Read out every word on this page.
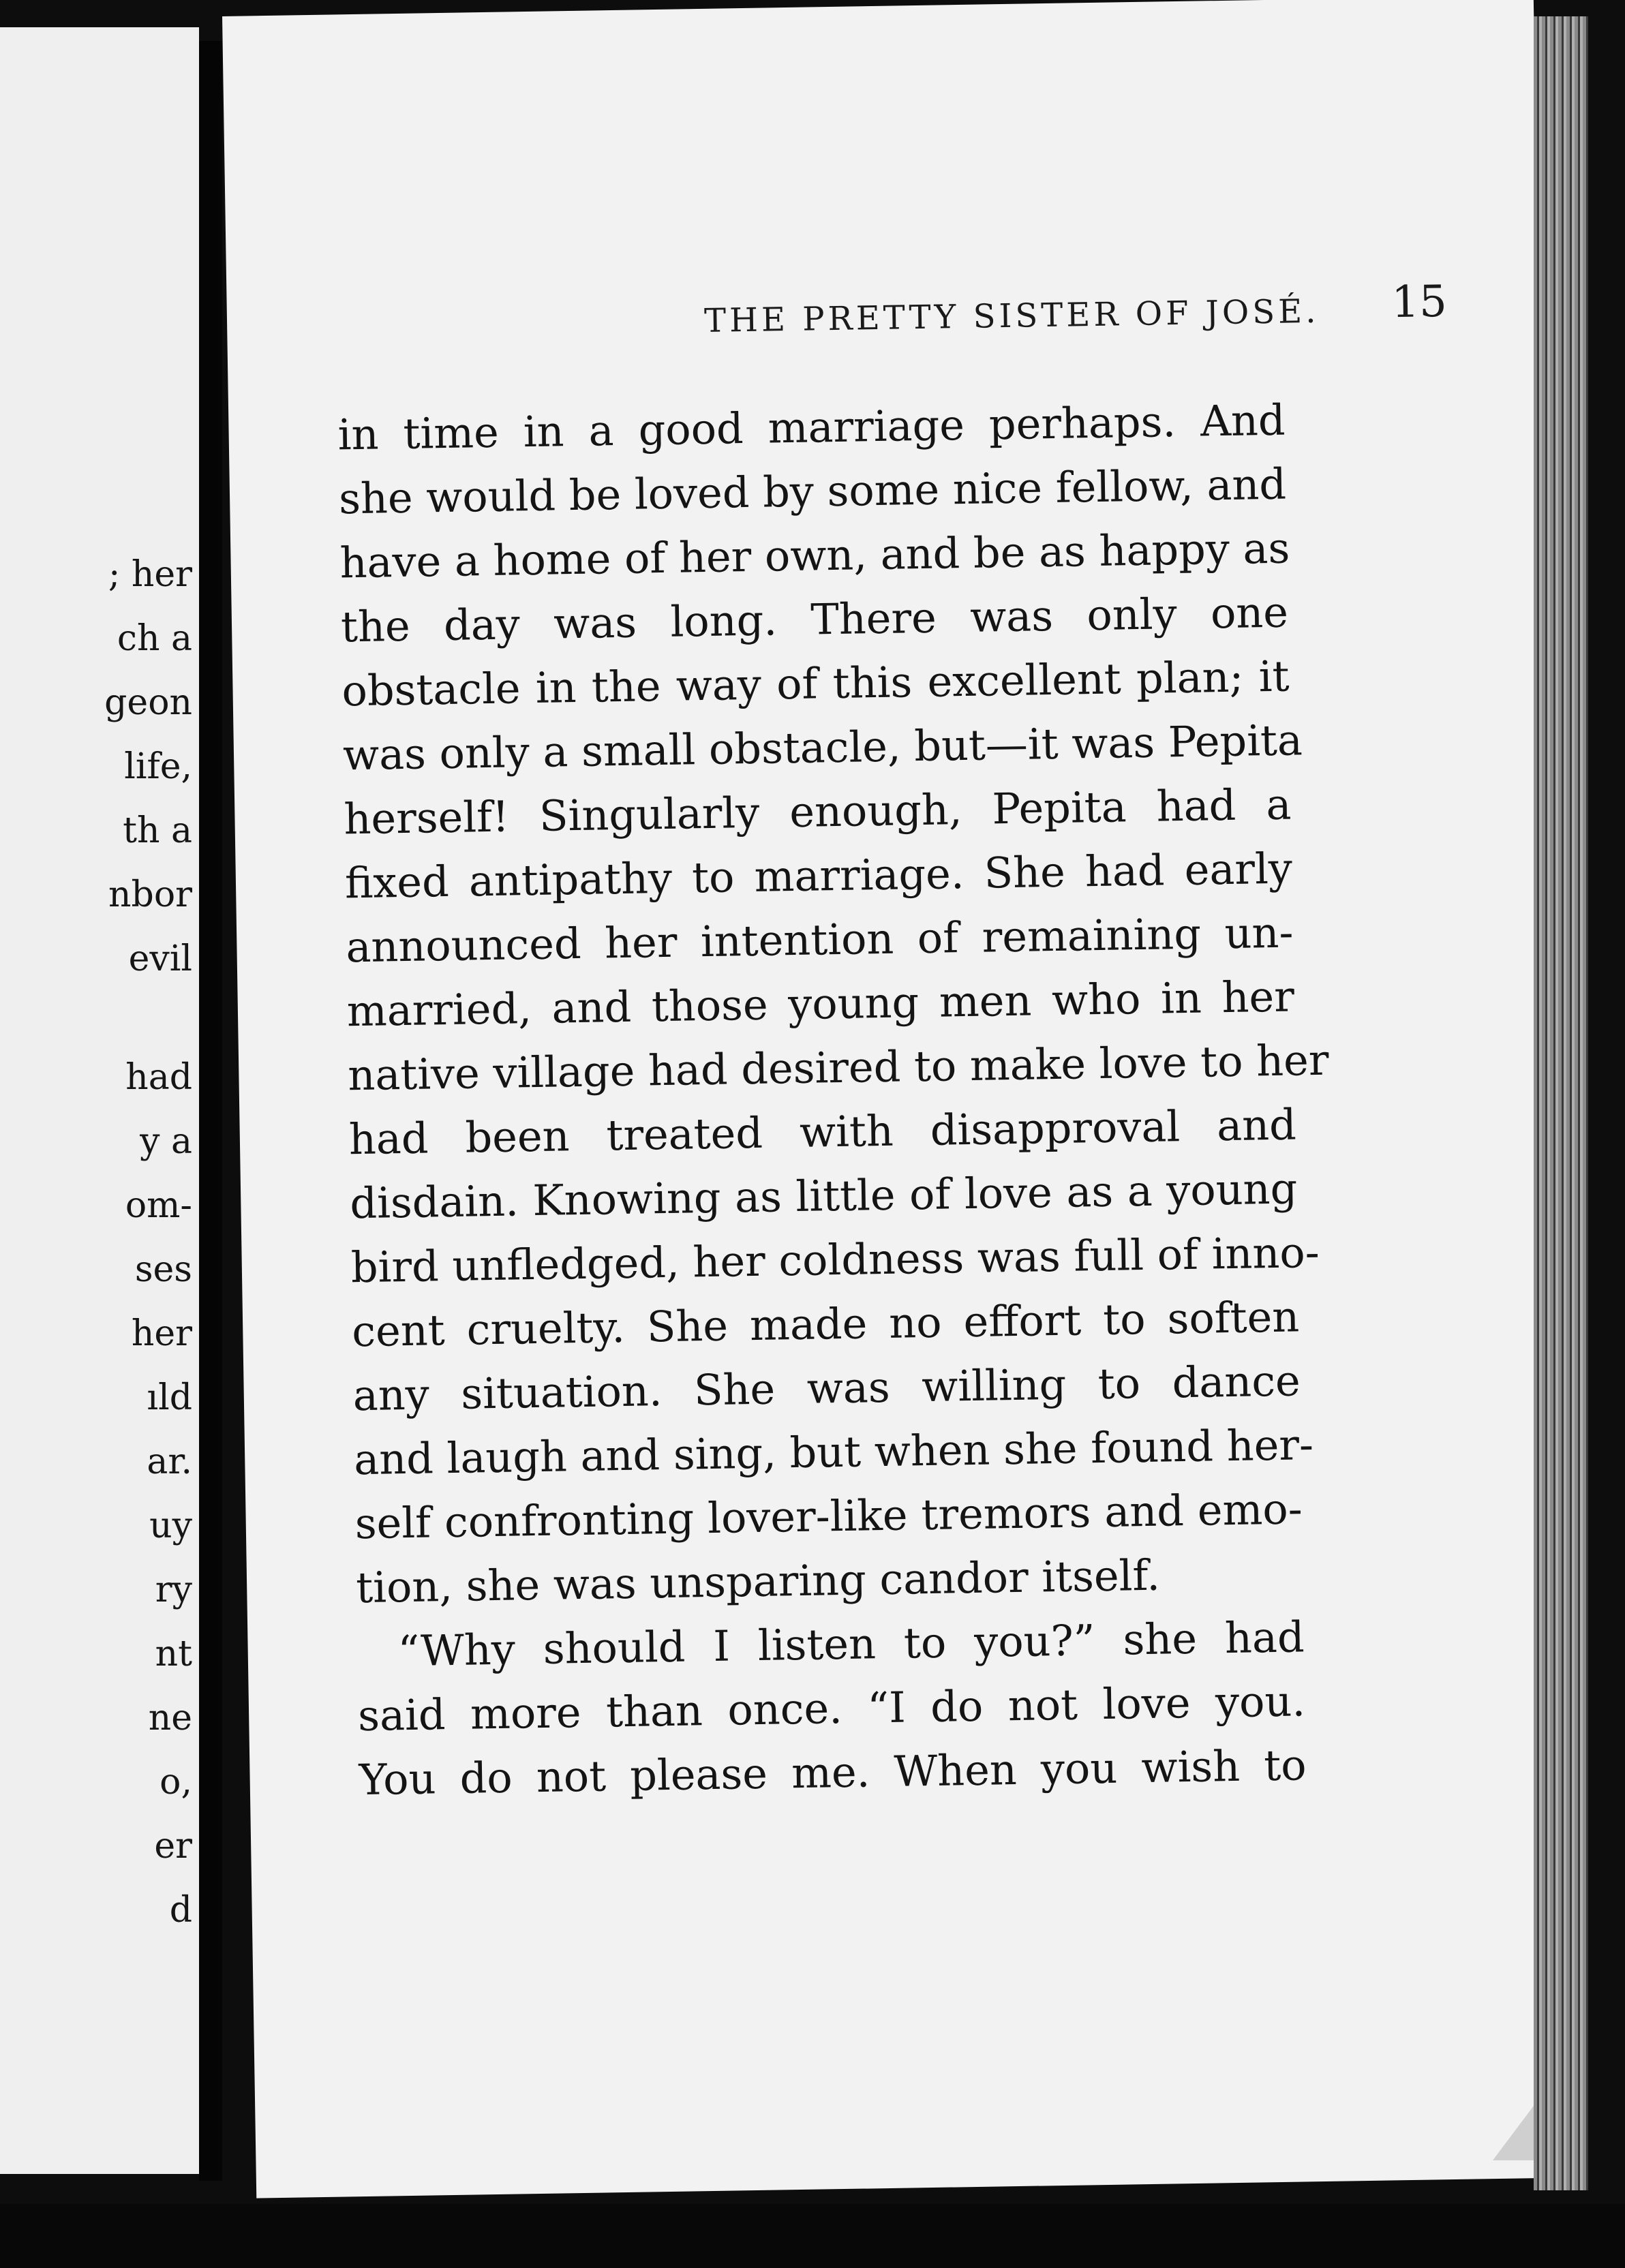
; her
ch a
geon
life,
th a
nbor
evil
had
y a
om-
ses
her
ıld
ar.
uy
ry
nt
ne
o,
er
d
THE PRETTY SISTER OF JOSÉ. 15
in time in a good marriage perhaps. And
she would be loved by some nice fellow, and
have a home of her own, and be as happy as
the day was long. There was only one
obstacle in the way of this excellent plan; it
was only a small obstacle, but—it was Pepita
herself! Singularly enough, Pepita had a
fixed antipathy to marriage. She had early
announced her intention of remaining un-
married, and those young men who in her
native village had desired to make love to her
had been treated with disapproval and
disdain. Knowing as little of love as a young
bird unfledged, her coldness was full of inno-
cent cruelty. She made no effort to soften
any situation. She was willing to dance
and laugh and sing, but when she found her-
self confronting lover-like tremors and emo-
tion, she was unsparing candor itself.
“Why should I listen to you?” she had
said more than once. “I do not love you.
You do not please me. When you wish to
